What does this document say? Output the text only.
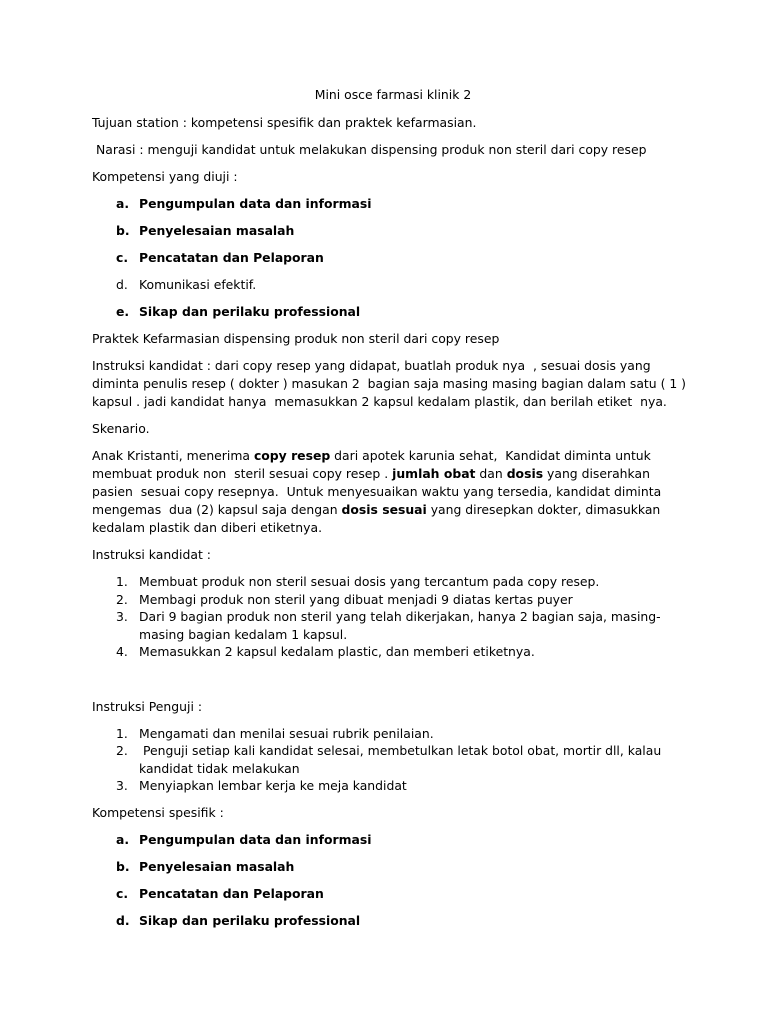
Mini osce farmasi klinik 2

Tujuan station : kompetensi spesifik dan praktek kefarmasian.

Narasi : menguji kandidat untuk melakukan dispensing produk non steril dari copy resep

Kompetensi yang diuji :

a. Pengumpulan data dan informasi
b. Penyelesaian masalah
c. Pencatatan dan Pelaporan
d. Komunikasi efektif.
e. Sikap dan perilaku professional

Praktek Kefarmasian dispensing produk non steril dari copy resep

Instruksi kandidat : dari copy resep yang didapat, buatlah produk nya  , sesuai dosis yang diminta penulis resep ( dokter ) masukan 2  bagian saja masing masing bagian dalam satu ( 1 ) kapsul . jadi kandidat hanya  memasukkan 2 kapsul kedalam plastik, dan berilah etiket  nya.

Skenario.

Anak Kristanti, menerima copy resep dari apotek karunia sehat,  Kandidat diminta untuk membuat produk non  steril sesuai copy resep . jumlah obat dan dosis yang diserahkan pasien  sesuai copy resepnya.  Untuk menyesuaikan waktu yang tersedia, kandidat diminta  mengemas  dua (2) kapsul saja dengan dosis sesuai yang diresepkan dokter, dimasukkan  kedalam plastik dan diberi etiketnya.

Instruksi kandidat :

1. Membuat produk non steril sesuai dosis yang tercantum pada copy resep.
2. Membagi produk non steril yang dibuat menjadi 9 diatas kertas puyer
3. Dari 9 bagian produk non steril yang telah dikerjakan, hanya 2 bagian saja, masing-masing bagian kedalam 1 kapsul.
4. Memasukkan 2 kapsul kedalam plastic, dan memberi etiketnya.

Instruksi Penguji :

1. Mengamati dan menilai sesuai rubrik penilaian.
2. Penguji setiap kali kandidat selesai, membetulkan letak botol obat, mortir dll, kalau kandidat tidak melakukan
3. Menyiapkan lembar kerja ke meja kandidat

Kompetensi spesifik :

a. Pengumpulan data dan informasi
b. Penyelesaian masalah
c. Pencatatan dan Pelaporan
d. Sikap dan perilaku professional
